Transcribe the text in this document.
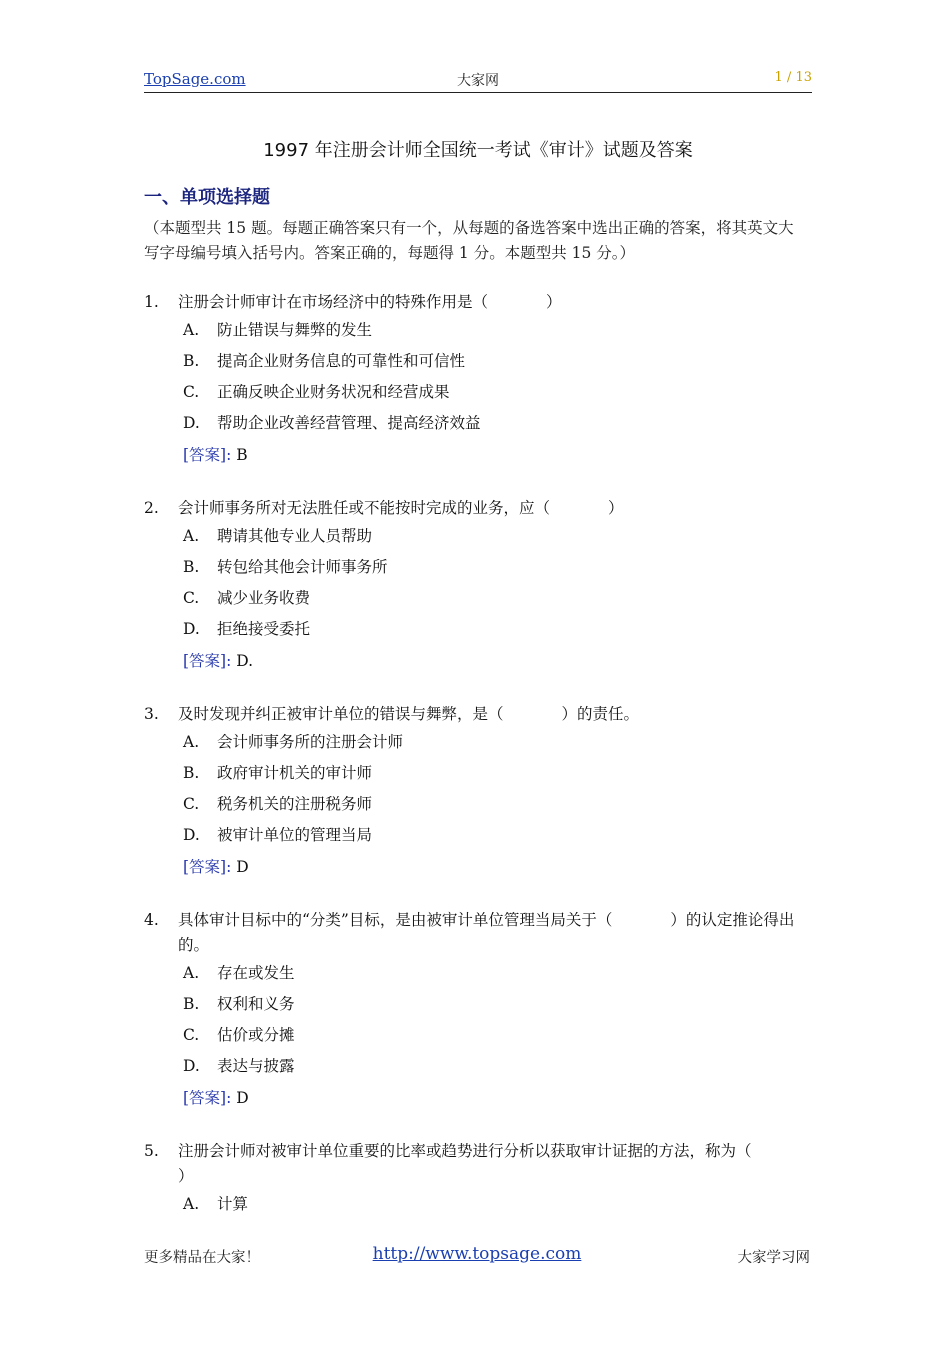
TopSage.com	大家网	1 / 13
1997 年注册会计师全国统一考试《审计》试题及答案
一、单项选择题
（本题型共 15 题。每题正确答案只有一个，从每题的备选答案中选出正确的答案，将其英文大写字母编号填入括号内。答案正确的，每题得 1 分。本题型共 15 分。）
1. 注册会计师审计在市场经济中的特殊作用是（	）
A. 防止错误与舞弊的发生
B. 提高企业财务信息的可靠性和可信性
C. 正确反映企业财务状况和经营成果
D. 帮助企业改善经营管理、提高经济效益
[答案]: B
2. 会计师事务所对无法胜任或不能按时完成的业务，应（	）
A. 聘请其他专业人员帮助
B. 转包给其他会计师事务所
C. 减少业务收费
D. 拒绝接受委托
[答案]: D.
3. 及时发现并纠正被审计单位的错误与舞弊，是（	）的责任。
A. 会计师事务所的注册会计师
B. 政府审计机关的审计师
C. 税务机关的注册税务师
D. 被审计单位的管理当局
[答案]: D
4. 具体审计目标中的“分类”目标，是由被审计单位管理当局关于（	）的认定推论得出的。
A. 存在或发生
B. 权利和义务
C. 估价或分摊
D. 表达与披露
[答案]: D
5. 注册会计师对被审计单位重要的比率或趋势进行分析以获取审计证据的方法，称为（）
A. 计算
更多精品在大家！	http://www.topsage.com	大家学习网
